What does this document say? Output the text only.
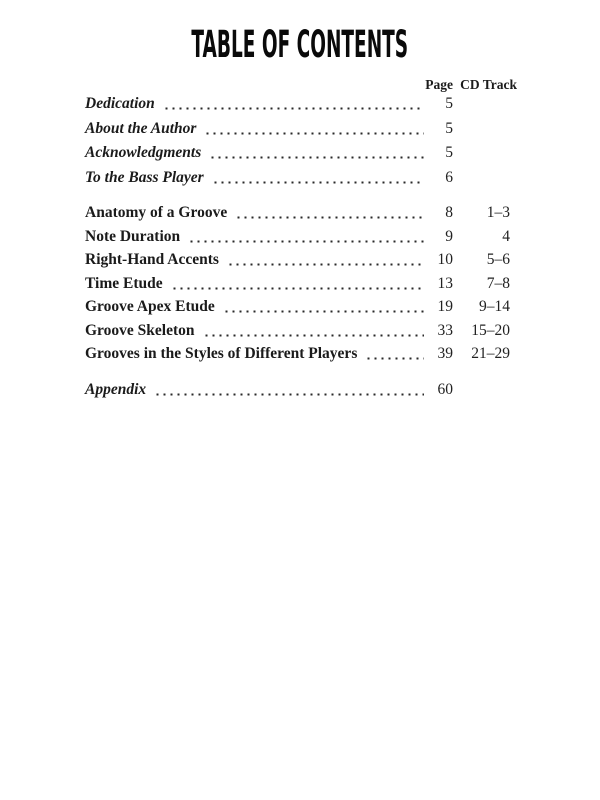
TABLE OF CONTENTS
Page CD Track
Dedication	5
About the Author	5
Acknowledgments	5
To the Bass Player	6
Anatomy of a Groove	8	1–3
Note Duration	9	4
Right-Hand Accents	10	5–6
Time Etude	13	7–8
Groove Apex Etude	19	9–14
Groove Skeleton	33	15–20
Grooves in the Styles of Different Players	39	21–29
Appendix	60
